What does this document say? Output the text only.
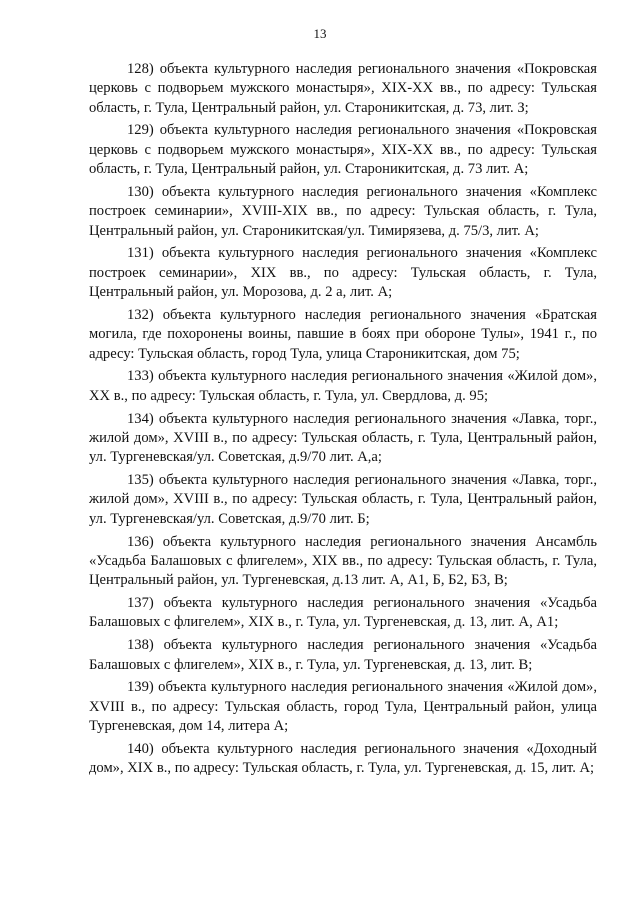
13

128) объекта культурного наследия регионального значения «Покровская церковь с подворьем мужского монастыря», XIX-XX вв., по адресу: Тульская область, г. Тула, Центральный район, ул. Староникитская, д. 73, лит. З;

129) объекта культурного наследия регионального значения «Покровская церковь с подворьем мужского монастыря», XIX-XX вв., по адресу: Тульская область, г. Тула, Центральный район, ул. Староникитская, д. 73 лит. А;

130) объекта культурного наследия регионального значения «Комплекс построек семинарии», XVIII-XIX вв., по адресу: Тульская область, г. Тула, Центральный район, ул. Староникитская/ул. Тимирязева, д. 75/3, лит. А;

131) объекта культурного наследия регионального значения «Комплекс построек семинарии», XIX вв., по адресу: Тульская область, г. Тула, Центральный район, ул. Морозова, д. 2 а, лит. А;

132) объекта культурного наследия регионального значения «Братская могила, где похоронены воины, павшие в боях при обороне Тулы», 1941 г., по адресу: Тульская область, город Тула, улица Староникитская, дом 75;

133) объекта культурного наследия регионального значения «Жилой дом», XX в., по адресу: Тульская область, г. Тула, ул. Свердлова, д. 95;

134) объекта культурного наследия регионального значения «Лавка, торг., жилой дом», XVIII в., по адресу: Тульская область, г. Тула, Центральный район, ул. Тургеневская/ул. Советская, д.9/70 лит. А,а;

135) объекта культурного наследия регионального значения «Лавка, торг., жилой дом», XVIII в., по адресу: Тульская область, г. Тула, Центральный район, ул. Тургеневская/ул. Советская, д.9/70 лит. Б;

136) объекта культурного наследия регионального значения Ансамбль «Усадьба Балашовых с флигелем», XIX вв., по адресу: Тульская область, г. Тула, Центральный район, ул. Тургеневская, д.13 лит. А, А1, Б, Б2, Б3, В;

137) объекта культурного наследия регионального значения «Усадьба Балашовых с флигелем», XIX в., г. Тула, ул. Тургеневская, д. 13, лит. А, А1;

138) объекта культурного наследия регионального значения «Усадьба Балашовых с флигелем», XIX в., г. Тула, ул. Тургеневская, д. 13, лит. В;

139) объекта культурного наследия регионального значения «Жилой дом», XVIII в., по адресу: Тульская область, город Тула, Центральный район, улица Тургеневская, дом 14, литера А;

140) объекта культурного наследия регионального значения «Доходный дом», XIX в., по адресу: Тульская область, г. Тула, ул. Тургеневская, д. 15, лит. А;
